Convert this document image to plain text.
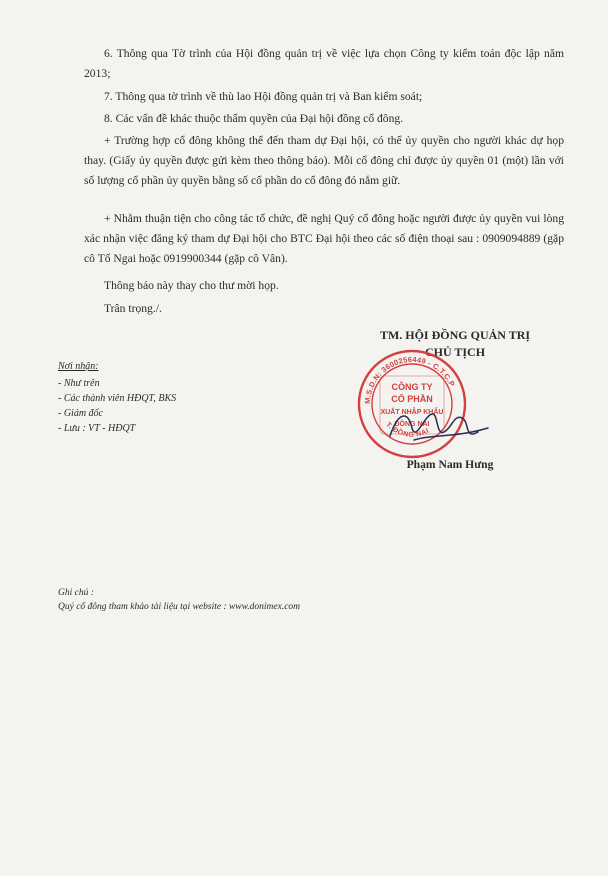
6. Thông qua Tờ trình của Hội đồng quản trị về việc lựa chọn Công ty kiểm toán độc lập năm 2013;
7. Thông qua tờ trình về thù lao Hội đồng quản trị và Ban kiểm soát;
8. Các vấn đề khác thuộc thẩm quyền của Đại hội đồng cổ đông.
+ Trường hợp cổ đông không thể đến tham dự Đại hội, có thể ủy quyền cho người khác dự họp thay. (Giấy ủy quyền được gửi kèm theo thông báo). Mỗi cổ đông chỉ được ủy quyền 01 (một) lần với số lượng cổ phần ủy quyền bằng số cổ phần do cổ đông đó nắm giữ.
+ Nhằm thuận tiện cho công tác tổ chức, đề nghị Quý cổ đông hoặc người được ủy quyền vui lòng xác nhận việc đăng ký tham dự Đại hội cho BTC Đại hội theo các số điện thoại sau : 0909094889 (gặp cô Tố Ngai hoặc 0919900344 (gặp cô Vân).
Thông báo này thay cho thư mời họp.
Trân trọng./.
TM. HỘI ĐỒNG QUẢN TRỊ
CHỦ TỊCH
M.S.D.N: 3600256449 - C.T.C.P
T. ĐỒNG NAI
CÔNG TY
CỔ PHẦN
XUẤT NHẬP KHẨU
ĐỒNG NAI
Phạm Nam Hưng
Nơi nhận:
- Như trên
- Các thành viên HĐQT, BKS
- Giám đốc
- Lưu : VT - HĐQT
Ghi chú :
Quý cổ đông tham khảo tài liệu tại website : www.donimex.com
